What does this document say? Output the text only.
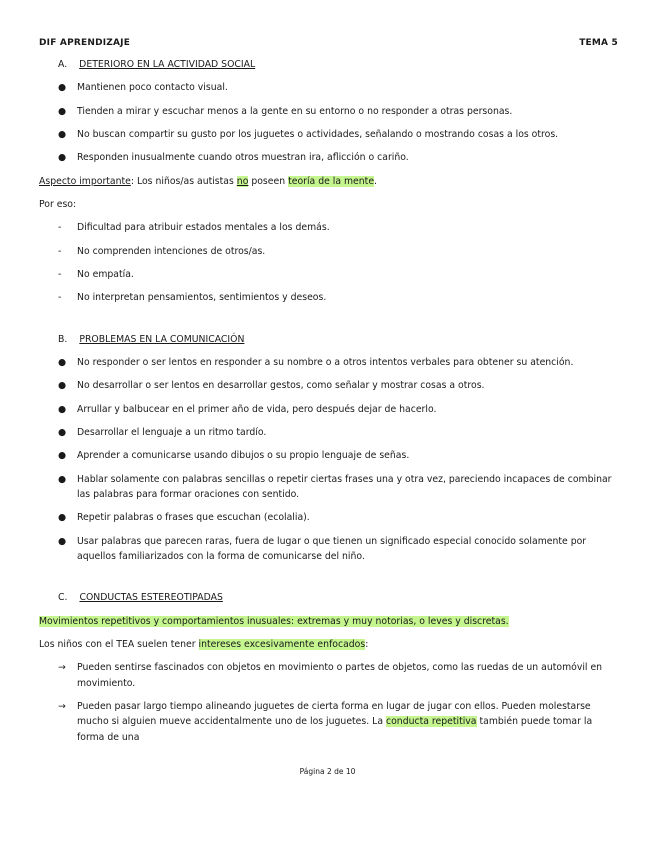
DIF APRENDIZAJE	TEMA 5
A. DETERIORO EN LA ACTIVIDAD SOCIAL
● Mantienen poco contacto visual.
● Tienden a mirar y escuchar menos a la gente en su entorno o no responder a otras personas.
● No buscan compartir su gusto por los juguetes o actividades, señalando o mostrando cosas a los otros.
● Responden inusualmente cuando otros muestran ira, aflicción o cariño.
Aspecto importante: Los niños/as autistas no poseen teoría de la mente.
Por eso:
- Dificultad para atribuir estados mentales a los demás.
- No comprenden intenciones de otros/as.
- No empatía.
- No interpretan pensamientos, sentimientos y deseos.
B. PROBLEMAS EN LA COMUNICACIÓN
● No responder o ser lentos en responder a su nombre o a otros intentos verbales para obtener su atención.
● No desarrollar o ser lentos en desarrollar gestos, como señalar y mostrar cosas a otros.
● Arrullar y balbucear en el primer año de vida, pero después dejar de hacerlo.
● Desarrollar el lenguaje a un ritmo tardío.
● Aprender a comunicarse usando dibujos o su propio lenguaje de señas.
● Hablar solamente con palabras sencillas o repetir ciertas frases una y otra vez, pareciendo incapaces de combinar las palabras para formar oraciones con sentido.
● Repetir palabras o frases que escuchan (ecolalia).
● Usar palabras que parecen raras, fuera de lugar o que tienen un significado especial conocido solamente por aquellos familiarizados con la forma de comunicarse del niño.
C. CONDUCTAS ESTEREOTIPADAS
Movimientos repetitivos y comportamientos inusuales: extremas y muy notorias, o leves y discretas.
Los niños con el TEA suelen tener intereses excesivamente enfocados:
→ Pueden sentirse fascinados con objetos en movimiento o partes de objetos, como las ruedas de un automóvil en movimiento.
→ Pueden pasar largo tiempo alineando juguetes de cierta forma en lugar de jugar con ellos. Pueden molestarse mucho si alguien mueve accidentalmente uno de los juguetes. La conducta repetitiva también puede tomar la forma de una
Página 2 de 10
